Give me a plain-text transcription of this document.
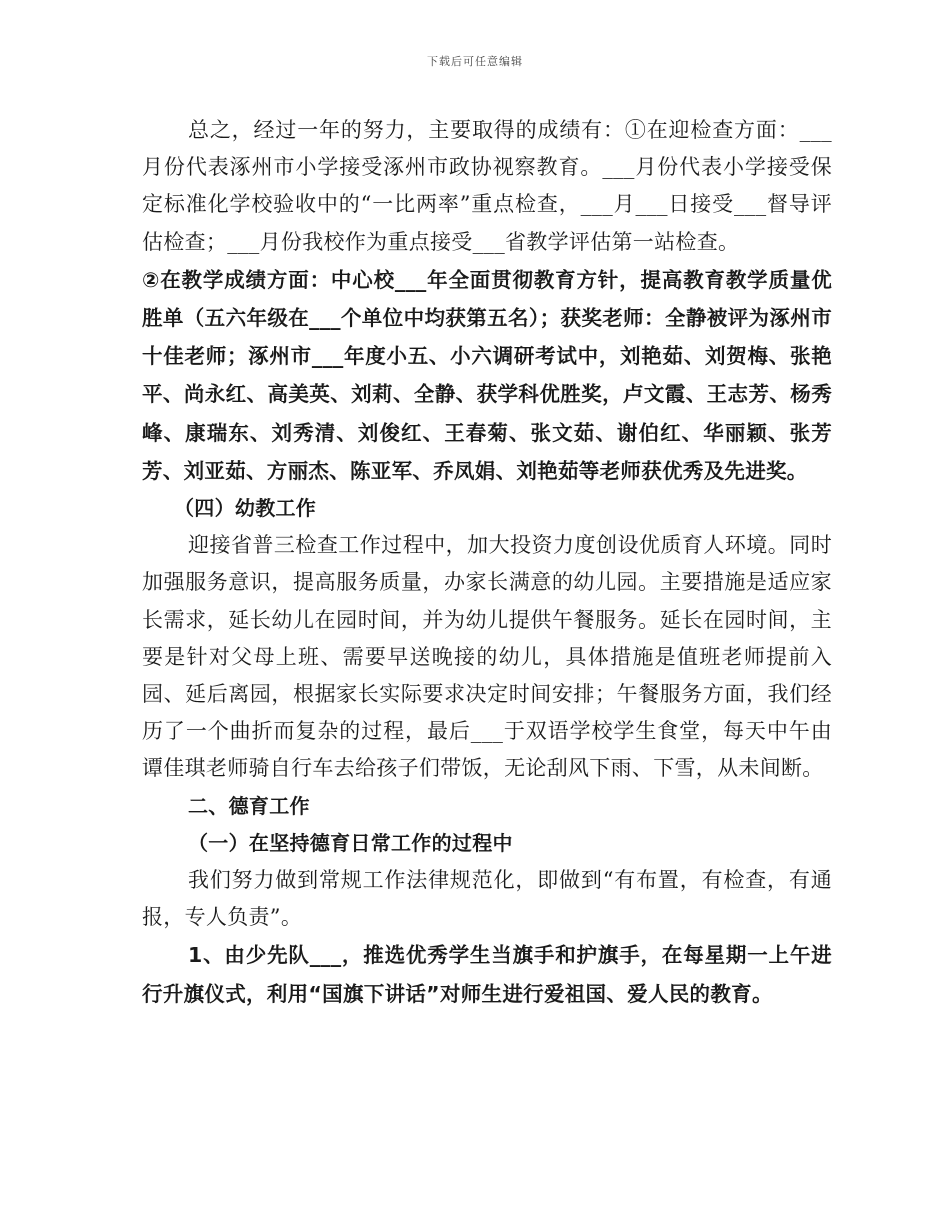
下载后可任意编辑

总之，经过一年的努力，主要取得的成绩有：①在迎检查方面：___月份代表涿州市小学接受涿州市政协视察教育。___月份代表小学接受保定标准化学校验收中的“一比两率”重点检查，___月___日接受___督导评估检查；___月份我校作为重点接受___省教学评估第一站检查。

②在教学成绩方面：中心校___年全面贯彻教育方针，提高教育教学质量优胜单（五六年级在___个单位中均获第五名）；获奖老师：全静被评为涿州市十佳老师；涿州市___年度小五、小六调研考试中，刘艳茹、刘贺梅、张艳平、尚永红、高美英、刘莉、全静、获学科优胜奖，卢文霞、王志芳、杨秀峰、康瑞东、刘秀清、刘俊红、王春菊、张文茹、谢伯红、华丽颖、张芳芳、刘亚茹、方丽杰、陈亚军、乔凤娟、刘艳茹等老师获优秀及先进奖。

（四）幼教工作

迎接省普三检查工作过程中，加大投资力度创设优质育人环境。同时加强服务意识，提高服务质量，办家长满意的幼儿园。主要措施是适应家长需求，延长幼儿在园时间，并为幼儿提供午餐服务。延长在园时间，主要是针对父母上班、需要早送晚接的幼儿，具体措施是值班老师提前入园、延后离园，根据家长实际要求决定时间安排；午餐服务方面，我们经历了一个曲折而复杂的过程，最后___于双语学校学生食堂，每天中午由谭佳琪老师骑自行车去给孩子们带饭，无论刮风下雨、下雪，从未间断。

二、德育工作

（一）在坚持德育日常工作的过程中

我们努力做到常规工作法律规范化，即做到“有布置，有检查，有通报，专人负责”。

1、由少先队___，推选优秀学生当旗手和护旗手，在每星期一上午进行升旗仪式，利用“国旗下讲话”对师生进行爱祖国、爱人民的教育。
